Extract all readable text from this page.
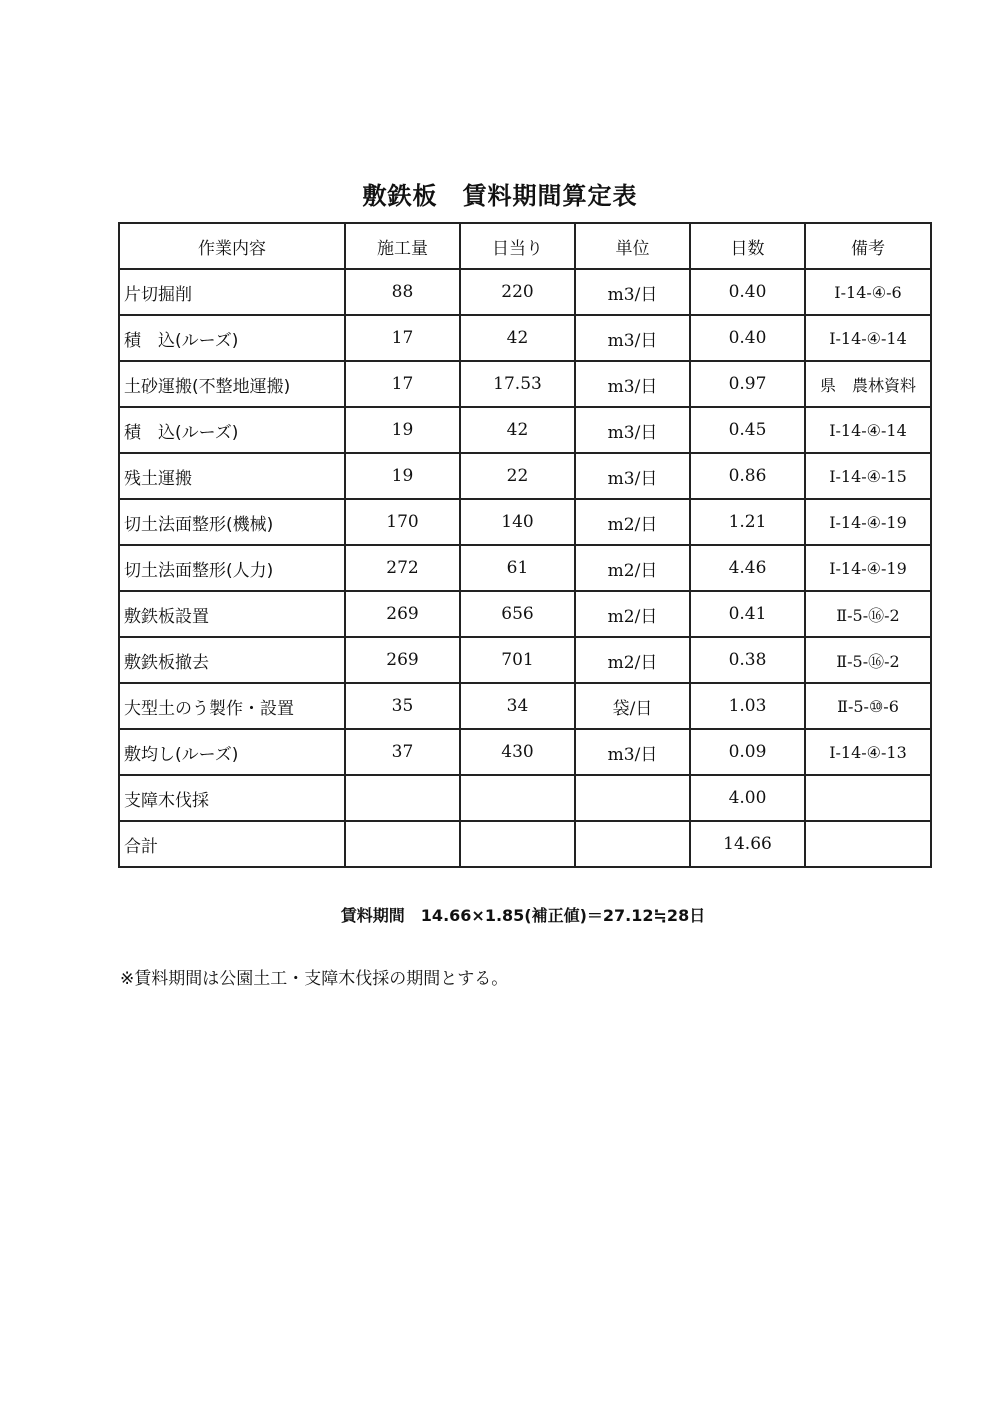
敷鉄板　賃料期間算定表
作業内容	施工量	日当り	単位	日数	備考
片切掘削	88	220	m3/日	0.40	Ⅰ-14-④-6
積　込(ルーズ)	17	42	m3/日	0.40	Ⅰ-14-④-14
土砂運搬(不整地運搬)	17	17.53	m3/日	0.97	県　農林資料
積　込(ルーズ)	19	42	m3/日	0.45	Ⅰ-14-④-14
残土運搬	19	22	m3/日	0.86	Ⅰ-14-④-15
切土法面整形(機械)	170	140	m2/日	1.21	Ⅰ-14-④-19
切土法面整形(人力)	272	61	m2/日	4.46	Ⅰ-14-④-19
敷鉄板設置	269	656	m2/日	0.41	Ⅱ-5-⑯-2
敷鉄板撤去	269	701	m2/日	0.38	Ⅱ-5-⑯-2
大型土のう製作・設置	35	34	袋/日	1.03	Ⅱ-5-⑩-6
敷均し(ルーズ)	37	430	m3/日	0.09	Ⅰ-14-④-13
支障木伐採				4.00	
合計				14.66	
賃料期間　14.66×1.85(補正値)＝27.12≒28日
※賃料期間は公園土工・支障木伐採の期間とする。
